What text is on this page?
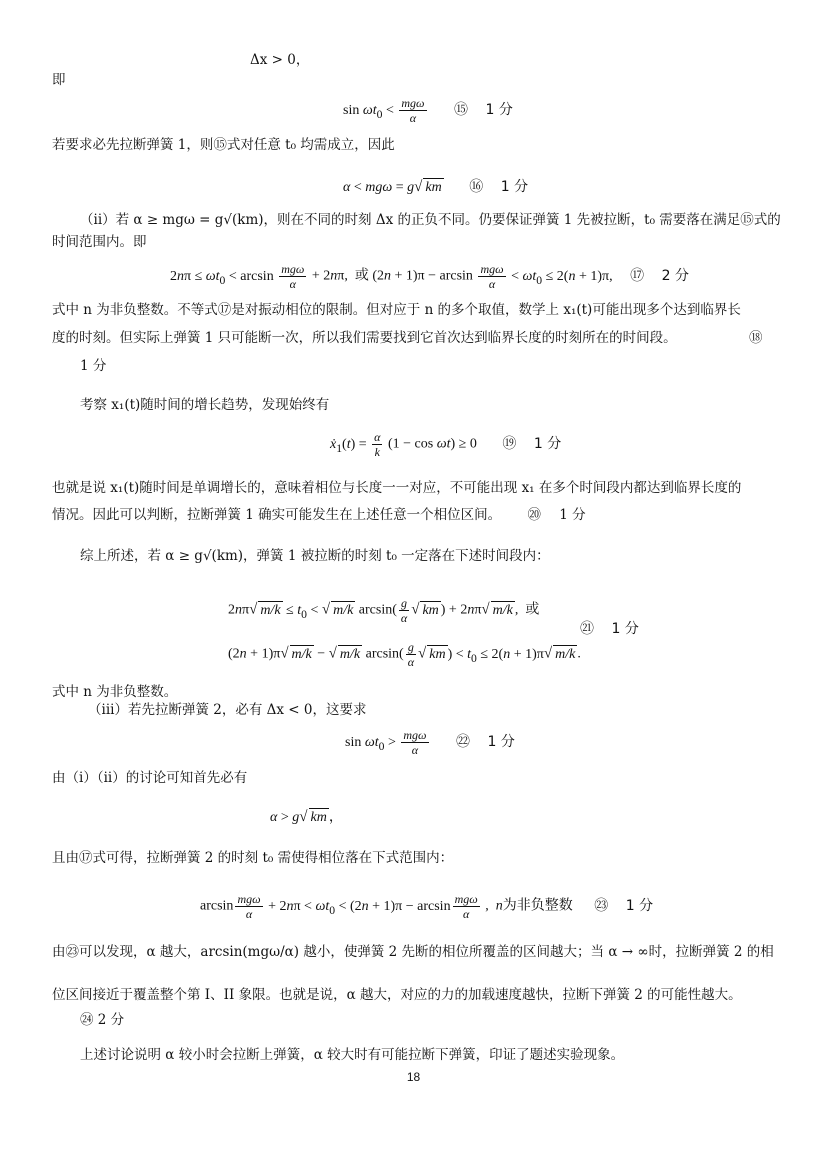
Δx > 0，
即
$\sin \omega t_0 < \frac{\text{mgω}}{\alpha}$ ⑮ 1 分
若要求必先拉断弹簧 1，则⑮式对任意 t₀ 均需成立，因此
α < mgω = g√ km ⑯ 1 分
（ii）若 α ≥ mgω = g√(km)，则在不同的时刻 Δx 的正负不同。仍要保证弹簧 1 先被拉断，t₀ 需要落在满足⑮式的
时间范围内。即
$2n\pi \le \omega t_0 < \arcsin \frac{\text{mgω}}{\alpha} + 2n\pi$,  或 $(2n + 1)\pi - \arcsin \frac{\text{mgω}}{\alpha} < \omega t_0 \le 2(n + 1)\pi$, ⑰ 2 分
式中 n 为非负整数。不等式⑰是对振动相位的限制。但对应于 n 的多个取值，数学上 x₁(t)可能出现多个达到临界长
度的时刻。但实际上弹簧 1 只可能断一次，所以我们需要找到它首次达到临界长度的时刻所在的时间段。	⑱
1 分
考察 x₁(t)随时间的增长趋势，发现始终有
ẋ$_1$(t) = $\frac{\alpha}{k} (1 - \cos \omega t) \ge 0$ ⑲ 1 分
也就是说 x₁(t)随时间是单调增长的，意味着相位与长度一一对应，不可能出现 x₁ 在多个时间段内都达到临界长度的
情况。因此可以判断，拉断弹簧 1 确实可能发生在上述任意一个相位区间。 ⑳ 1 分
综上所述，若 α ≥ g√(km)，弹簧 1 被拉断的时刻 t₀ 一定落在下述时间段内：
2nπ√ $m/k \le t_0$ < √ m/k $\arcsin( \frac{g}{\alpha}$ √ km ) + 2nπ√ m/k ,  或
(2n + 1)π√ m/k − √ m/k $\arcsin( \frac{g}{\alpha}$ √ km ) < $t_0 \le 2(n + 1)\pi√$ m/k .
㉑ 1 分
式中 n 为非负整数。
（iii）若先拉断弹簧 2，必有 Δx < 0，这要求
$\sin \omega t_0 > \frac{\text{mgω}}{\alpha}$ ㉒ 1 分
由（i）（ii）的讨论可知首先必有
α > g√ km ，
且由⑰式可得，拉断弹簧 2 的时刻 t₀ 需使得相位落在下式范围内：
$\arcsin \frac{\text{mgω}}{\alpha} + 2n\pi < \omega t_0 < (2n + 1)\pi - \arcsin \frac{\text{mgω}}{\alpha}$ ,  n为非负整数 ㉓ 1 分
由㉓可以发现，α 越大，arcsin(mgω/α) 越小，使弹簧 2 先断的相位所覆盖的区间越大；当 α → ∞时，拉断弹簧 2 的相
位区间接近于覆盖整个第 I、II 象限。也就是说，α 越大，对应的力的加载速度越快，拉断下弹簧 2 的可能性越大。
㉔ 2 分
上述讨论说明 α 较小时会拉断上弹簧，α 较大时有可能拉断下弹簧，印证了题述实验现象。
18
